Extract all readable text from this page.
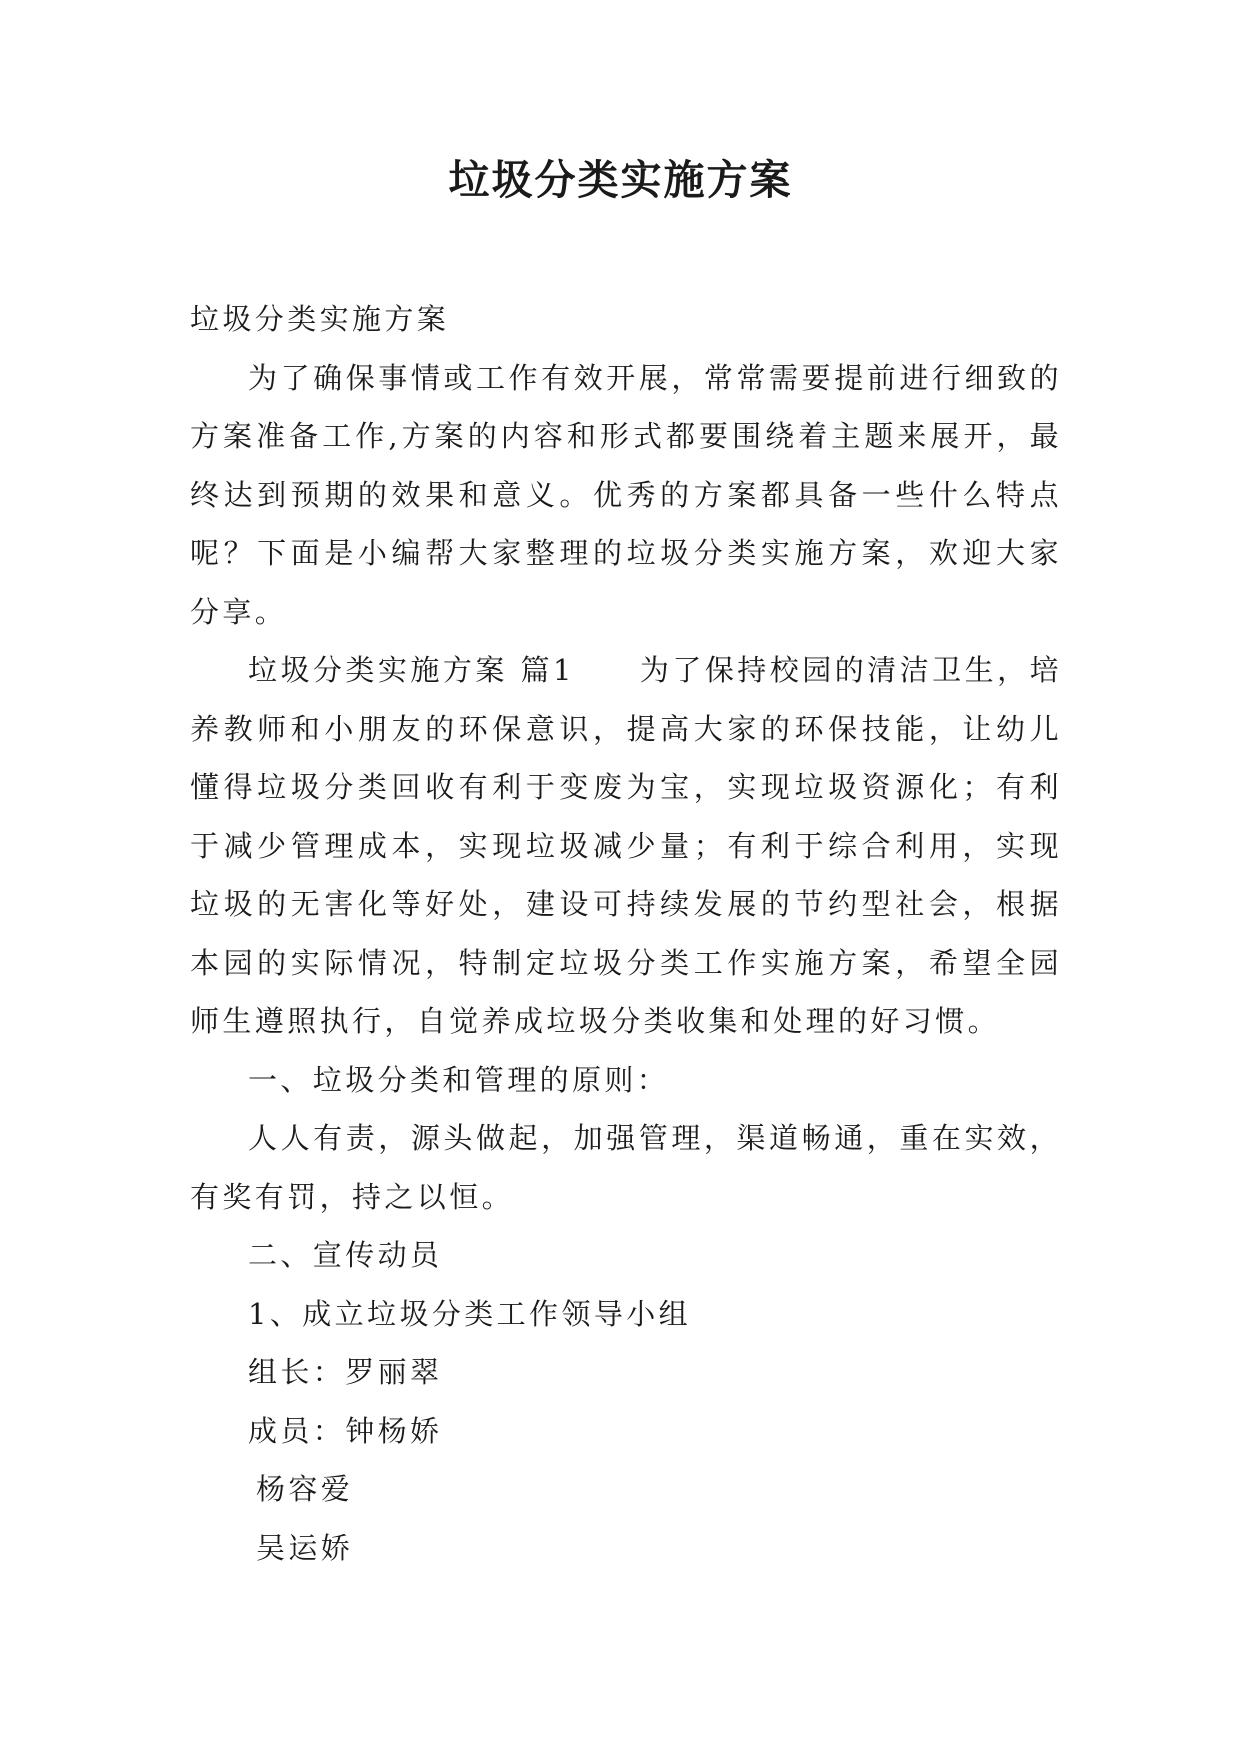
垃圾分类实施方案

垃圾分类实施方案

为了确保事情或工作有效开展，常常需要提前进行细致的方案准备工作,方案的内容和形式都要围绕着主题来展开，最终达到预期的效果和意义。优秀的方案都具备一些什么特点呢？下面是小编帮大家整理的垃圾分类实施方案，欢迎大家分享。

垃圾分类实施方案 篇1　　为了保持校园的清洁卫生，培养教师和小朋友的环保意识，提高大家的环保技能，让幼儿懂得垃圾分类回收有利于变废为宝，实现垃圾资源化；有利于减少管理成本，实现垃圾减少量；有利于综合利用，实现垃圾的无害化等好处，建设可持续发展的节约型社会，根据本园的实际情况，特制定垃圾分类工作实施方案，希望全园师生遵照执行，自觉养成垃圾分类收集和处理的好习惯。

一、垃圾分类和管理的原则：

人人有责，源头做起，加强管理，渠道畅通，重在实效，有奖有罚，持之以恒。

二、宣传动员

1、成立垃圾分类工作领导小组

组长：罗丽翠

成员：钟杨娇

杨容爱

吴运娇
